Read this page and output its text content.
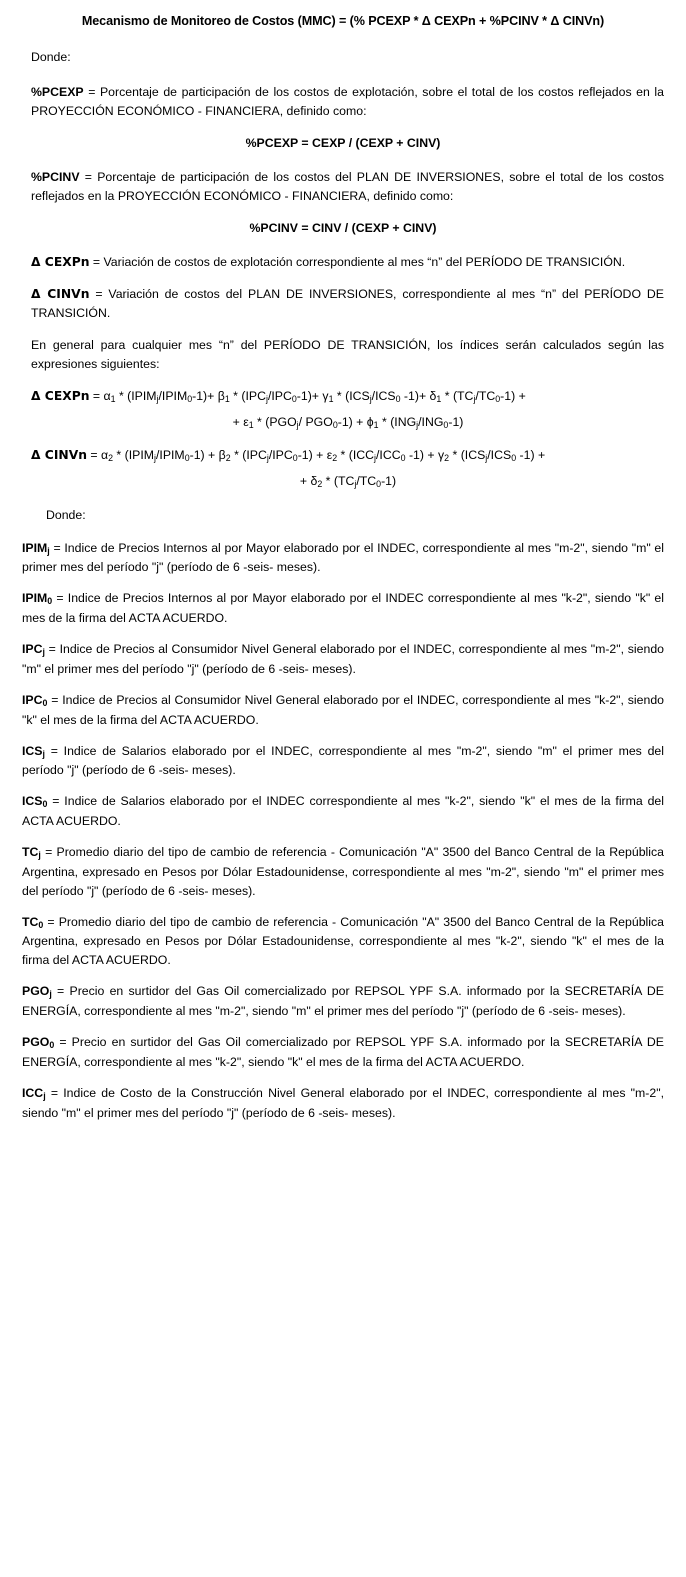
Mecanismo de Monitoreo de Costos (MMC) = (% PCEXP * Δ CEXPn + %PCINV * Δ CINVn)
Donde:
%PCEXP = Porcentaje de participación de los costos de explotación, sobre el total de los costos reflejados en la PROYECCIÓN ECONÓMICO - FINANCIERA, definido como:
%PCEXP = CEXP / (CEXP + CINV)
%PCINV = Porcentaje de participación de los costos del PLAN DE INVERSIONES, sobre el total de los costos reflejados en la PROYECCIÓN ECONÓMICO - FINANCIERA, definido como:
%PCINV = CINV / (CEXP + CINV)
Δ CEXPn = Variación de costos de explotación correspondiente al mes “n” del PERÍODO DE TRANSICIÓN.
Δ CINVn = Variación de costos del PLAN DE INVERSIONES, correspondiente al mes “n” del PERÍODO DE TRANSICIÓN.
En general para cualquier mes “n” del PERÍODO DE TRANSICIÓN, los índices serán calculados según las expresiones siguientes:
Δ CEXPn = $\alpha_1$ * $(IPIM_j/IPIM_0-1)+ \beta_1 * (IPC_j/IPC_0-1)+ \gamma_1 * (ICS_j/ICS_0$ $-1)+ \delta_1 * (TC_j/TC_0-1)$ +
+ $\varepsilon_1 * (PGO_j/$ $PGO_0-1) + \phi_1 * (ING_j/ING_0-1)$
Δ CINVn = $\alpha_2$ * $(IPIM_j/IPIM_0-1) + \beta_2 * (IPC_j/IPC_0-1) + \varepsilon_2 * (ICC_j/ICC_0$ $-1) + \gamma_2 * (ICS_j/ICS_0$ -1) +
+ $\delta_2 * (TC_j/TC_0-1)$
Donde:
$IPIM_j$ = Indice de Precios Internos al por Mayor elaborado por el INDEC, correspondiente al mes "m-2", siendo "m" el primer mes del período "j" (período de 6 -seis- meses).
$IPIM_0$ = Indice de Precios Internos al por Mayor elaborado por el INDEC correspondiente al mes "k-2", siendo "k" el mes de la firma del ACTA ACUERDO.
$IPC_j$ = Indice de Precios al Consumidor Nivel General elaborado por el INDEC, correspondiente al mes "m-2", siendo "m" el primer mes del período "j" (período de 6 -seis- meses).
$IPC_0$ = Indice de Precios al Consumidor Nivel General elaborado por el INDEC, correspondiente al mes "k-2", siendo "k" el mes de la firma del ACTA ACUERDO.
$ICS_j$ = Indice de Salarios elaborado por el INDEC, correspondiente al mes "m-2", siendo "m" el primer mes del período "j" (período de 6 -seis- meses).
$ICS_0$ = Indice de Salarios elaborado por el INDEC correspondiente al mes "k-2", siendo "k" el mes de la firma del ACTA ACUERDO.
$TC_j$ = Promedio diario del tipo de cambio de referencia - Comunicación "A" 3500 del Banco Central de la República Argentina, expresado en Pesos por Dólar Estadounidense, correspondiente al mes "m-2", siendo "m" el primer mes del período "j" (período de 6 -seis- meses).
$TC_0$ = Promedio diario del tipo de cambio de referencia - Comunicación "A" 3500 del Banco Central de la República Argentina, expresado en Pesos por Dólar Estadounidense, correspondiente al mes "k-2", siendo "k" el mes de la firma del ACTA ACUERDO.
$PGO_j$ = Precio en surtidor del Gas Oil comercializado por REPSOL YPF S.A. informado por la SECRETARÍA DE ENERGÍA, correspondiente al mes "m-2", siendo "m" el primer mes del período "j" (período de 6 -seis- meses).
$PGO_0$ = Precio en surtidor del Gas Oil comercializado por REPSOL YPF S.A. informado por la SECRETARÍA DE ENERGÍA, correspondiente al mes "k-2", siendo "k" el mes de la firma del ACTA ACUERDO.
$ICC_j$ = Indice de Costo de la Construcción Nivel General elaborado por el INDEC, correspondiente al mes "m-2", siendo "m" el primer mes del período "j" (período de 6 -seis- meses).
